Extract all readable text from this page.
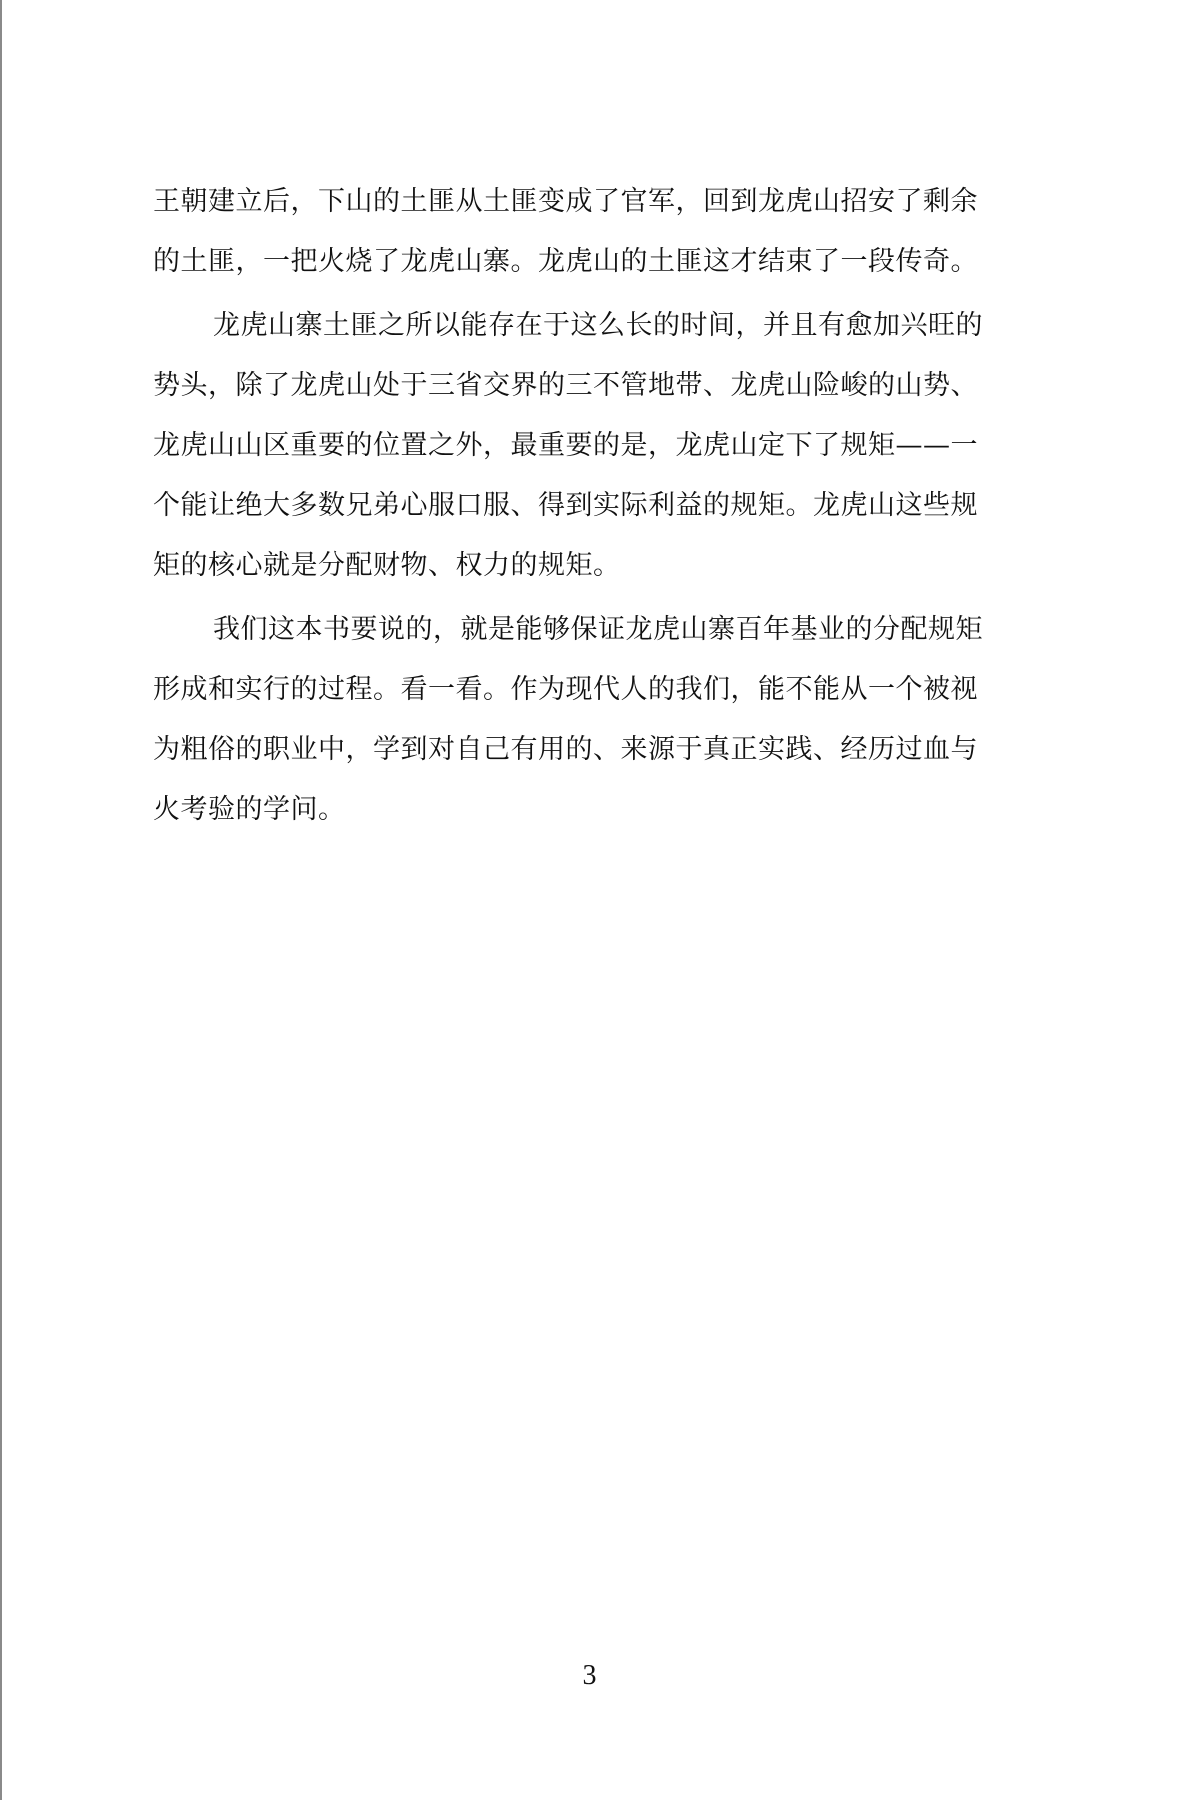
王朝建立后，下山的土匪从土匪变成了官军，回到龙虎山招安了剩余
的土匪，一把火烧了龙虎山寨。龙虎山的土匪这才结束了一段传奇。
龙虎山寨土匪之所以能存在于这么长的时间，并且有愈加兴旺的
势头，除了龙虎山处于三省交界的三不管地带、龙虎山险峻的山势、
龙虎山山区重要的位置之外，最重要的是，龙虎山定下了规矩——一
个能让绝大多数兄弟心服口服、得到实际利益的规矩。龙虎山这些规
矩的核心就是分配财物、权力的规矩。
我们这本书要说的，就是能够保证龙虎山寨百年基业的分配规矩
形成和实行的过程。看一看。作为现代人的我们，能不能从一个被视
为粗俗的职业中，学到对自己有用的、来源于真正实践、经历过血与
火考验的学问。
3
